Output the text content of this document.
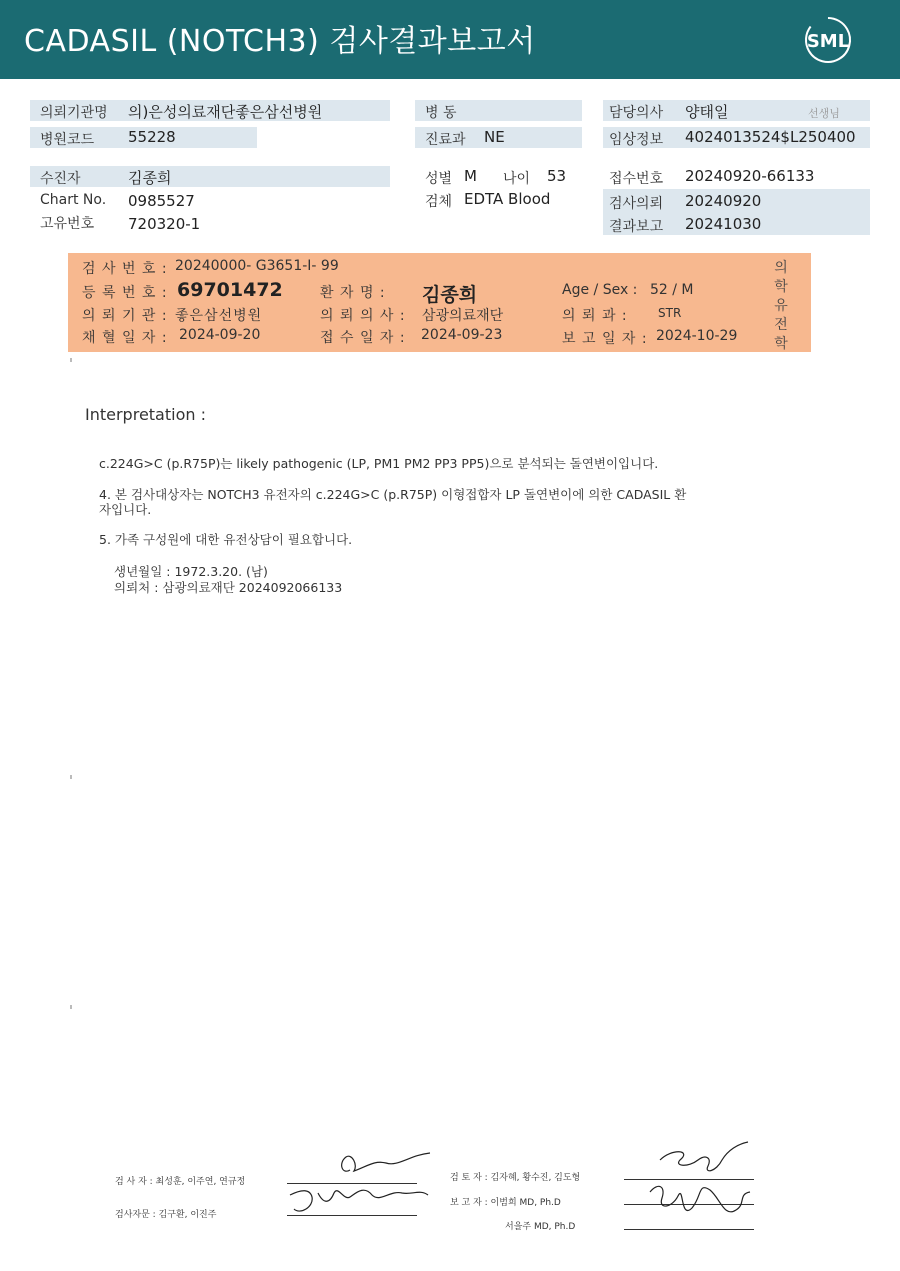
CADASIL (NOTCH3) 검사결과보고서	SML
의뢰기관명 의)은성의료재단좋은삼선병원
병원코드 55228
병 동
진료과 NE
담당의사 양태일	선생님
임상정보 4024013524$L250400
수진자	김종희
Chart No. 0985527
고유번호 720320-1
성별 M 나이 53
검체 EDTA Blood
접수번호 20240920-66133
검사의뢰 20240920
결과보고 20241030
검 사 번 호 : 20240000- G3651-I- 99
등 록 번 호 : 69701472	환 자 명 : 김종희	Age / Sex : 52 / M
의 뢰 기 관 : 좋은삼선병원	의 뢰 의 사 : 삼광의료재단	의 뢰 과 :	STR
채 혈 일 자 : 2024-09-20	접 수 일 자 : 2024-09-23	보 고 일 자 : 2024-10-29
의학유전학
Interpretation :
c.224G>C (p.R75P)는 likely pathogenic (LP, PM1 PM2 PP3 PP5)으로 분석되는 돌연변이입니다.
4. 본 검사대상자는 NOTCH3 유전자의 c.224G>C (p.R75P) 이형접합자 LP 돌연변이에 의한 CADASIL 환
자입니다.
5. 가족 구성원에 대한 유전상담이 필요합니다.
생년월일 : 1972.3.20. (남)
의뢰처 : 삼광의료재단 2024092066133
검 사 자 : 최성훈, 이주연, 연규정
검사자문 : 김구환, 이진주
검 토 자 : 김자혜, 황수진, 김도형
보 고 자 : 이범희 MD, Ph.D
서을주 MD, Ph.D
